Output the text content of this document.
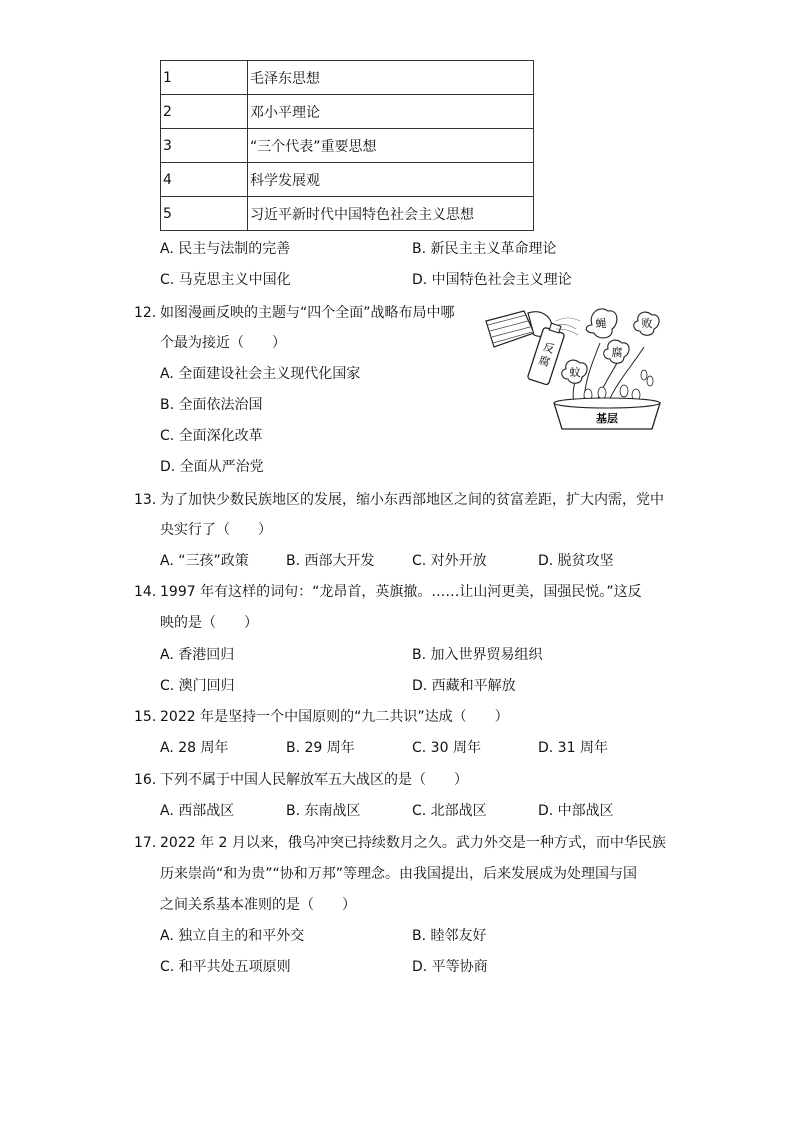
1	毛泽东思想
2	邓小平理论
3	“三个代表”重要思想
4	科学发展观
5	习近平新时代中国特色社会主义思想
A. 民主与法制的完善	B. 新民主主义革命理论
C. 马克思主义中国化	D. 中国特色社会主义理论
12. 如图漫画反映的主题与“四个全面”战略布局中哪
个最为接近（　　）
A. 全面建设社会主义现代化国家
B. 全面依法治国
C. 全面深化改革
D. 全面从严治党
反
腐
蝇
腐
蚊
败
基层
13. 为了加快少数民族地区的发展，缩小东西部地区之间的贫富差距，扩大内需，党中
央实行了（　　）
A. “三孩”政策	B. 西部大开发	C. 对外开放	D. 脱贫攻坚
14. 1997 年有这样的词句：“龙昂首，英旗撤。……让山河更美，国强民悦。”这反
映的是（　　）
A. 香港回归	B. 加入世界贸易组织
C. 澳门回归	D. 西藏和平解放
15. 2022 年是坚持一个中国原则的“九二共识”达成（　　）
A. 28 周年	B. 29 周年	C. 30 周年	D. 31 周年
16. 下列不属于中国人民解放军五大战区的是（　　）
A. 西部战区	B. 东南战区	C. 北部战区	D. 中部战区
17. 2022 年 2 月以来，俄乌冲突已持续数月之久。武力外交是一种方式，而中华民族
历来崇尚“和为贵”“协和万邦”等理念。由我国提出，后来发展成为处理国与国
之间关系基本准则的是（　　）
A. 独立自主的和平外交	B. 睦邻友好
C. 和平共处五项原则	D. 平等协商
